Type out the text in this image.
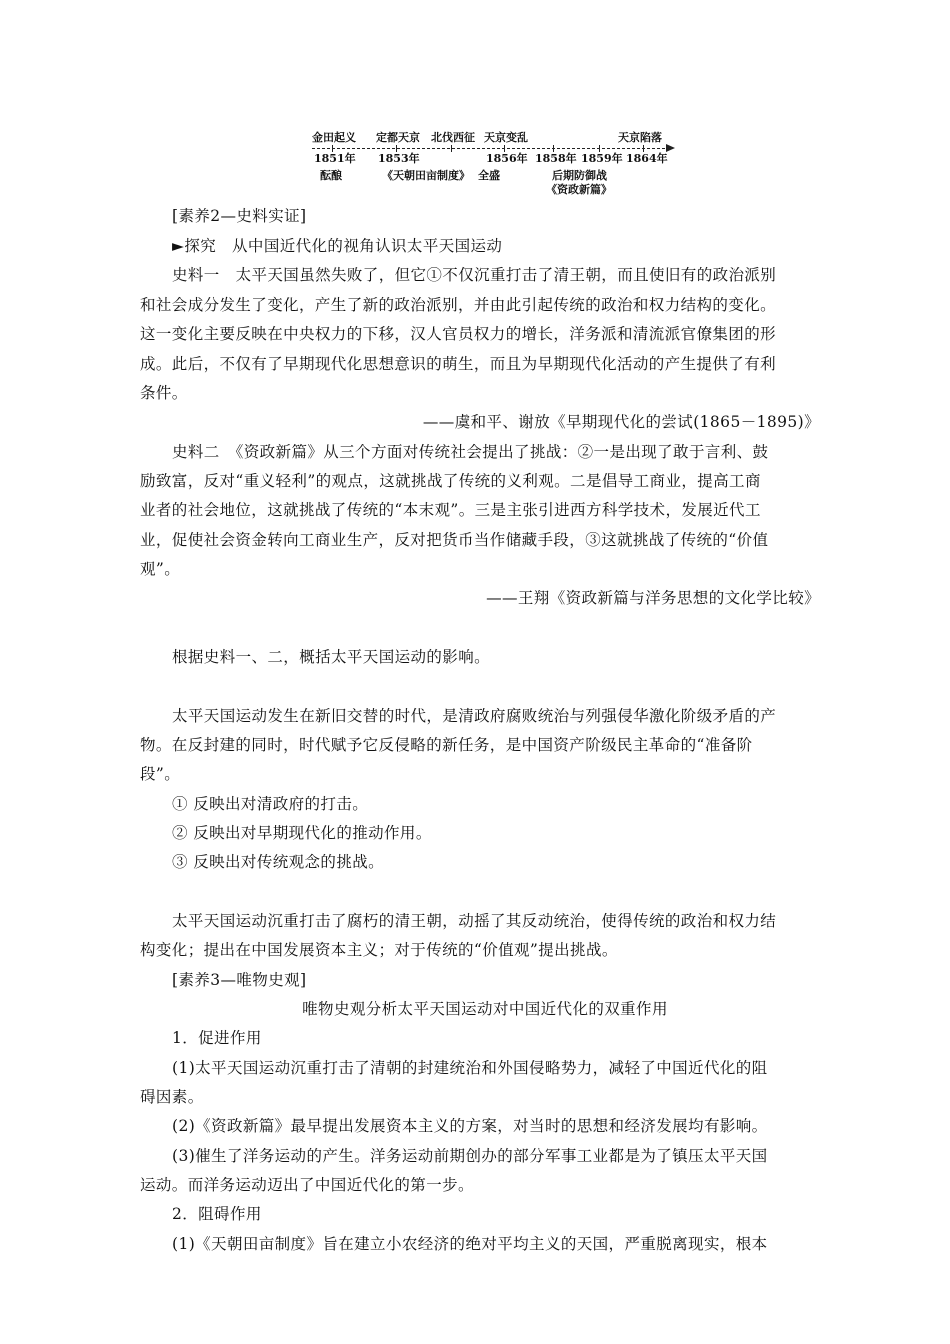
金田起义 定都天京 北伐西征 天京变乱	天京陷落
1851年 1853年	1856年 1858年 1859年 1864年
酝酿	《天朝田亩制度》 全盛	后期防御战
《资政新篇》
[素养2—史料实证]
►探究　从中国近代化的视角认识太平天国运动
史料一　太平天国虽然失败了，但它①不仅沉重打击了清王朝，而且使旧有的政治派别
和社会成分发生了变化，产生了新的政治派别，并由此引起传统的政治和权力结构的变化。
这一变化主要反映在中央权力的下移，汉人官员权力的增长，洋务派和清流派官僚集团的形
成。此后，不仅有了早期现代化思想意识的萌生，而且为早期现代化活动的产生提供了有利
条件。
——虞和平、谢放《早期现代化的尝试(1865－1895)》
史料二　《资政新篇》从三个方面对传统社会提出了挑战：②一是出现了敢于言利、鼓
励致富，反对“重义轻利”的观点，这就挑战了传统的义利观。二是倡导工商业，提高工商
业者的社会地位，这就挑战了传统的“本末观”。三是主张引进西方科学技术，发展近代工
业，促使社会资金转向工商业生产，反对把货币当作储藏手段，③这就挑战了传统的“价值
观”。
——王翔《资政新篇与洋务思想的文化学比较》
根据史料一、二，概括太平天国运动的影响。
太平天国运动发生在新旧交替的时代，是清政府腐败统治与列强侵华激化阶级矛盾的产
物。在反封建的同时，时代赋予它反侵略的新任务，是中国资产阶级民主革命的“准备阶
段”。
① 反映出对清政府的打击。
② 反映出对早期现代化的推动作用。
③ 反映出对传统观念的挑战。
太平天国运动沉重打击了腐朽的清王朝，动摇了其反动统治，使得传统的政治和权力结
构变化；提出在中国发展资本主义；对于传统的“价值观”提出挑战。
[素养3—唯物史观]
唯物史观分析太平天国运动对中国近代化的双重作用
1．促进作用
(1)太平天国运动沉重打击了清朝的封建统治和外国侵略势力，减轻了中国近代化的阻
碍因素。
(2)《资政新篇》最早提出发展资本主义的方案，对当时的思想和经济发展均有影响。
(3)催生了洋务运动的产生。洋务运动前期创办的部分军事工业都是为了镇压太平天国
运动。而洋务运动迈出了中国近代化的第一步。
2．阻碍作用
(1)《天朝田亩制度》旨在建立小农经济的绝对平均主义的天国，严重脱离现实，根本
